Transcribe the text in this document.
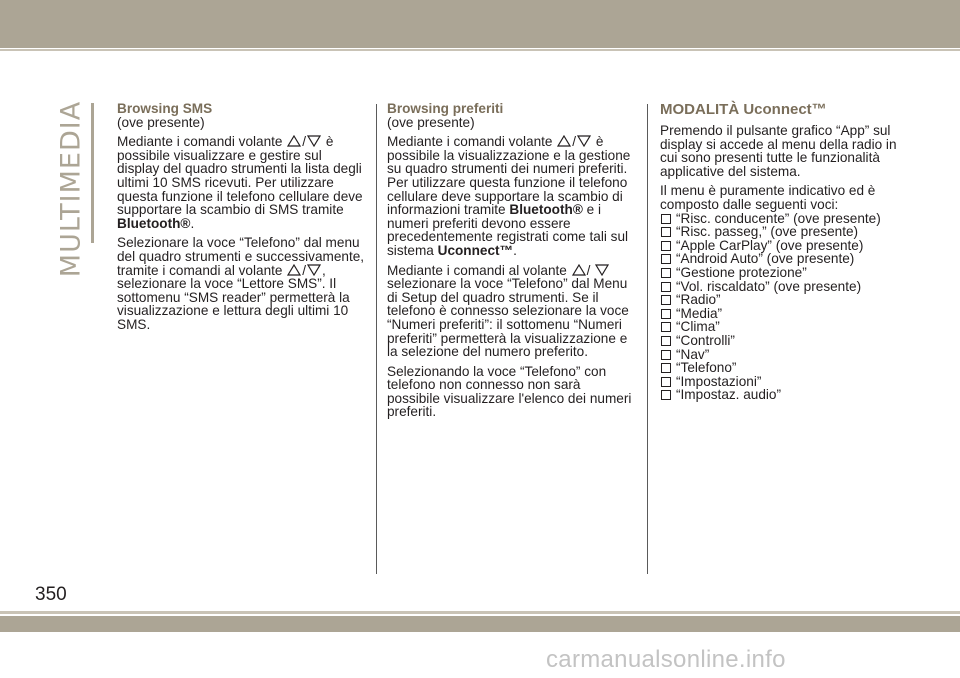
MULTIMEDIA Browsing SMS

(ove presente)

Mediante i comandi volante / è possibile visualizzare e gestire sul display del quadro strumenti la lista degli ultimi 10 SMS ricevuti. Per utilizzare questa funzione il telefono cellulare deve supportare la scambio di SMS tramite Bluetooth®.

Selezionare la voce “Telefono” dal menu del quadro strumenti e successivamente, tramite i comandi al volante / , selezionare la voce “Lettore SMS”. Il sottomenu “SMS reader” permetterà la visualizzazione e lettura degli ultimi 10 SMS.

Browsing preferiti

(ove presente)

Mediante i comandi volante / è possibile la visualizzazione e la gestione su quadro strumenti dei numeri preferiti. Per utilizzare questa funzione il telefono cellulare deve supportare la scambio di informazioni tramite Bluetooth® e i numeri preferiti devono essere precedentemente registrati come tali sul sistema Uconnect™.

Mediante i comandi al volante / selezionare la voce “Telefono” dal Menu di Setup del quadro strumenti. Se il telefono è connesso selezionare la voce “Numeri preferiti”: il sottomenu “Numeri preferiti” permetterà la visualizzazione e la selezione del numero preferito.

Selezionando la voce “Telefono” con telefono non connesso non sarà possibile visualizzare l'elenco dei numeri preferiti.

MODALITÀ Uconnect™

Premendo il pulsante grafico “App” sul display si accede al menu della radio in cui sono presenti tutte le funzionalità applicative del sistema.

Il menu è puramente indicativo ed è composto dalle seguenti voci:

“Risc. conducente” (ove presente)
“Risc. passeg,” (ove presente)
“Apple CarPlay” (ove presente)
“Android Auto” (ove presente)
“Gestione protezione”
“Vol. riscaldato” (ove presente)
“Radio”
“Media”
“Clima”
“Controlli”
“Nav”
“Telefono”
“Impostazioni”
“Impostaz. audio”
350
carmanualsonline.info
